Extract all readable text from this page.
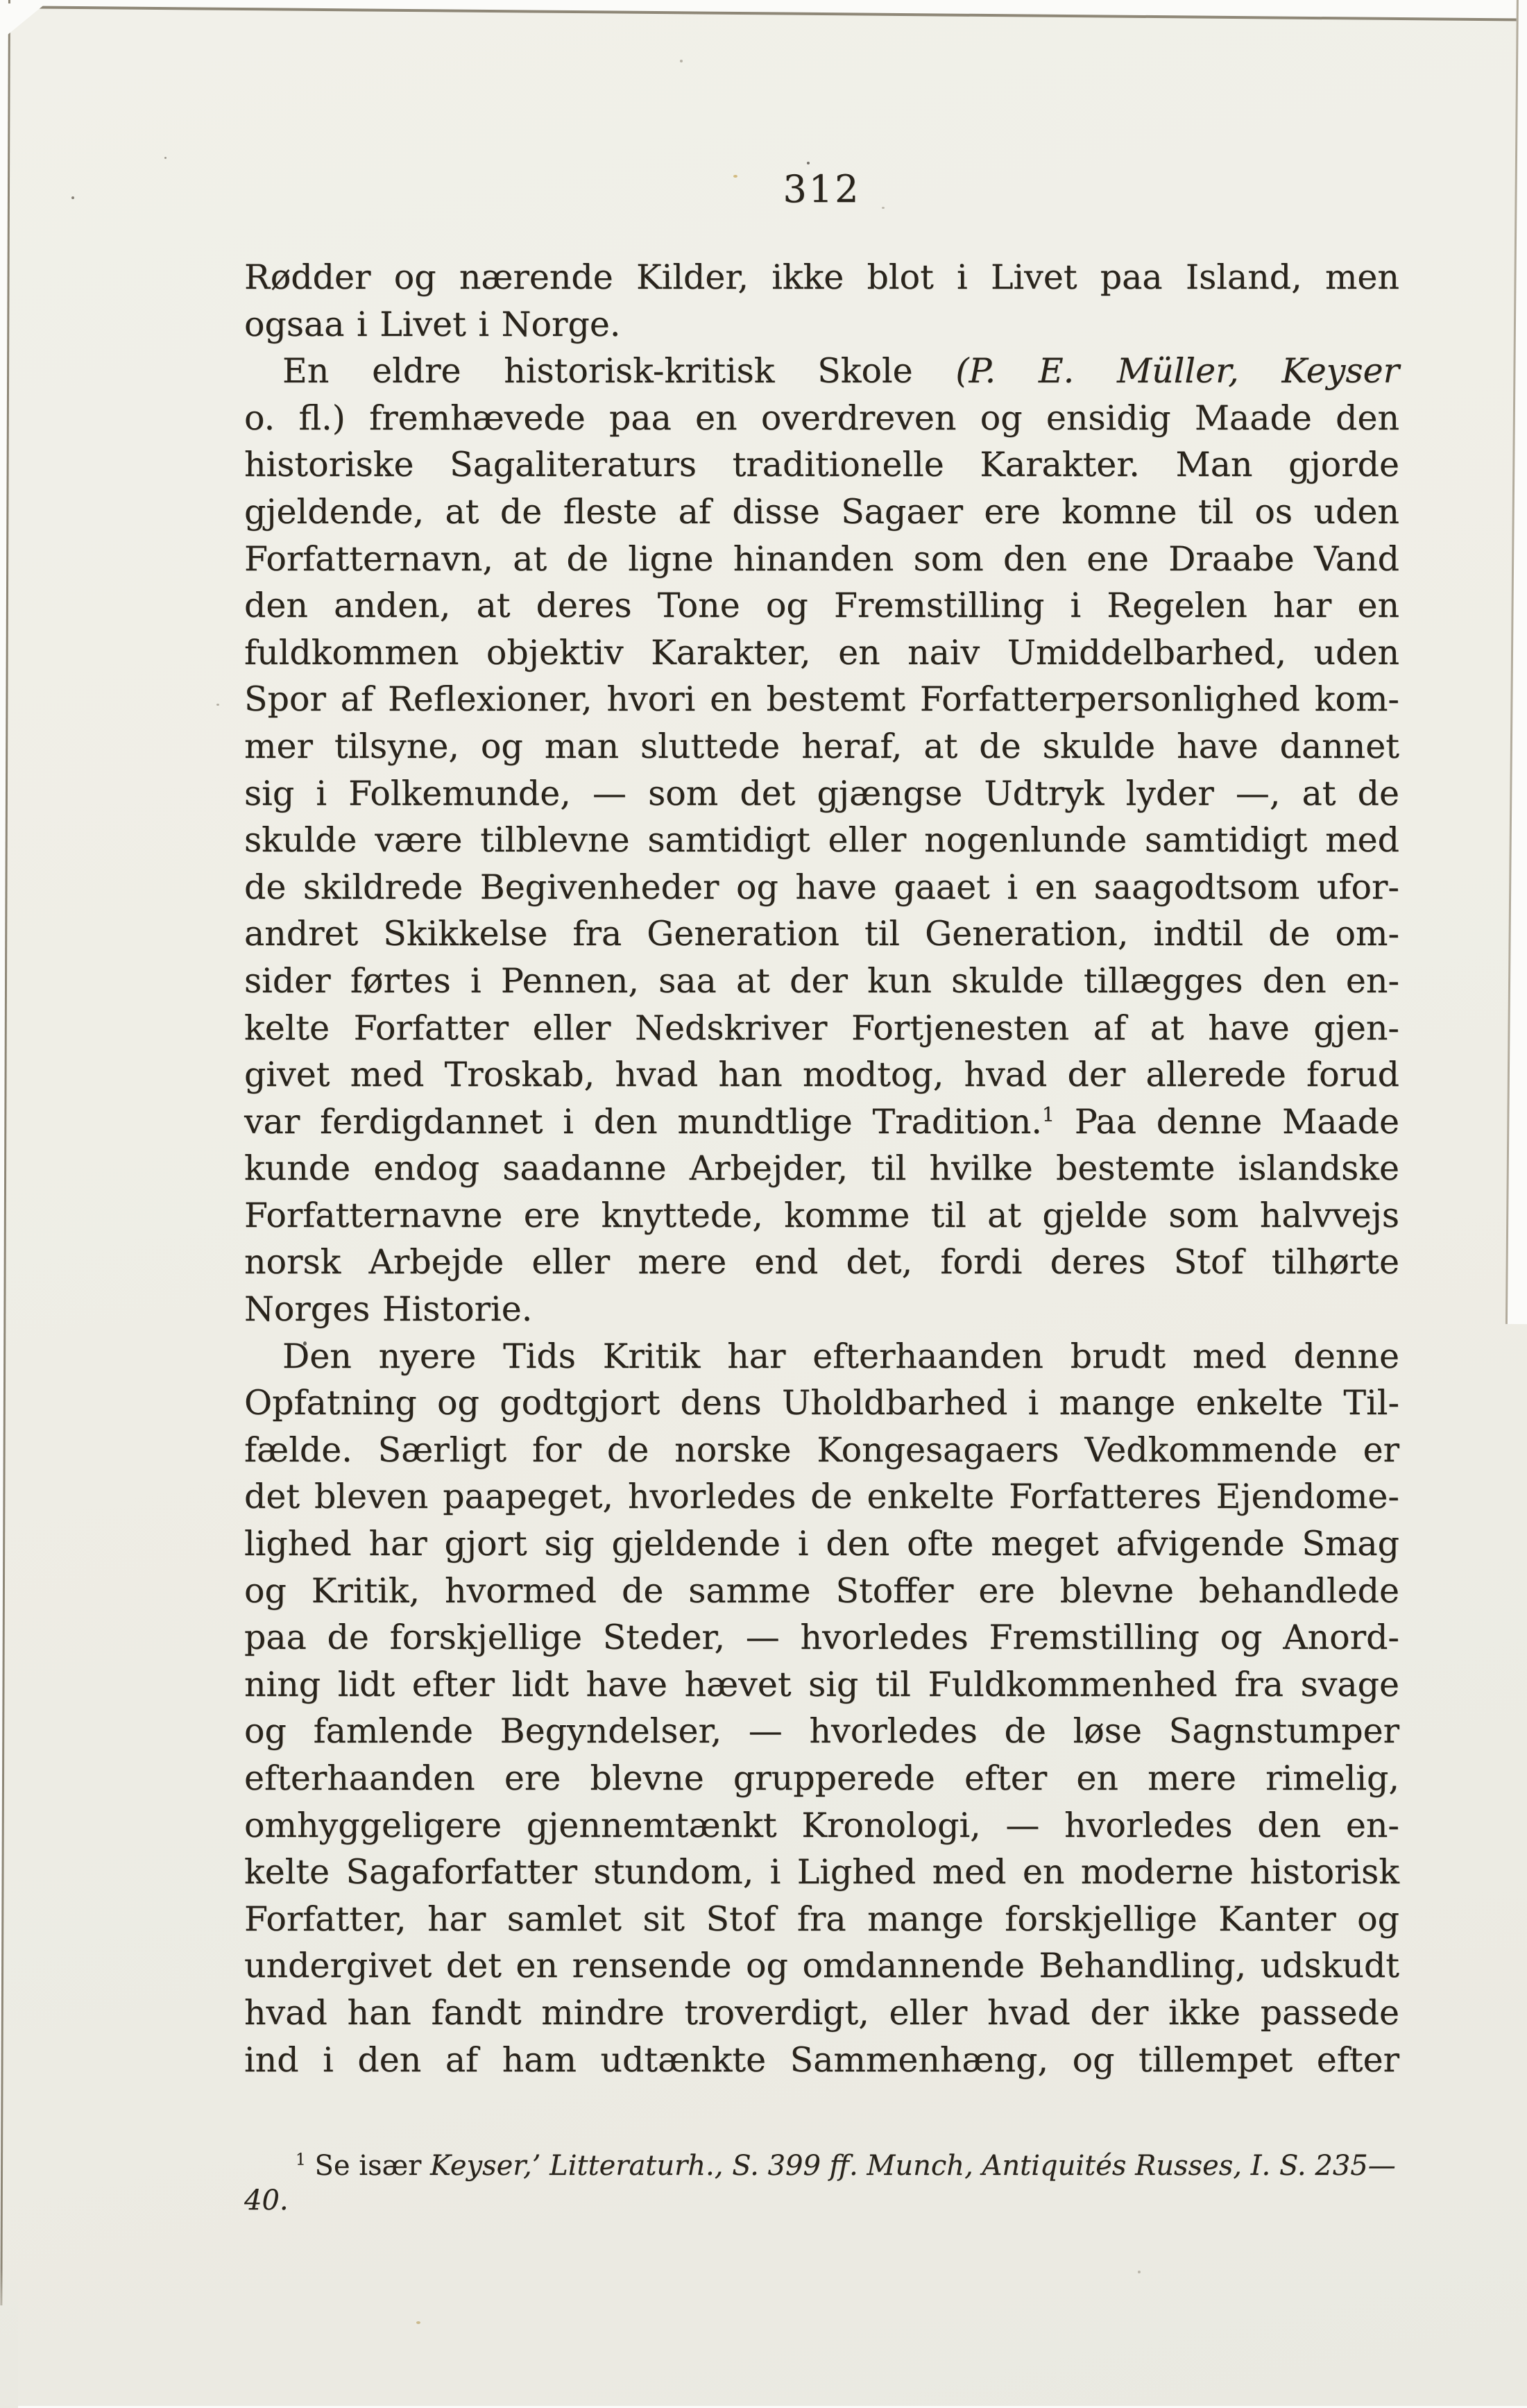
312
Rødder og nærende Kilder, ikke blot i Livet paa Island, men
ogsaa i Livet i Norge.
En eldre historisk-kritisk Skole (P. E. Müller, Keyser
o. fl.) fremhævede paa en overdreven og ensidig Maade den
historiske Sagaliteraturs traditionelle Karakter. Man gjorde
gjeldende, at de fleste af disse Sagaer ere komne til os uden
Forfatternavn, at de ligne hinanden som den ene Draabe Vand
den anden, at deres Tone og Fremstilling i Regelen har en
fuldkommen objektiv Karakter, en naiv Umiddelbarhed, uden
Spor af Reflexioner, hvori en bestemt Forfatterpersonlighed kom-
mer tilsyne, og man sluttede heraf, at de skulde have dannet
sig i Folkemunde, — som det gjængse Udtryk lyder —, at de
skulde være tilblevne samtidigt eller nogenlunde samtidigt med
de skildrede Begivenheder og have gaaet i en saagodtsom ufor-
andret Skikkelse fra Generation til Generation, indtil de om-
sider førtes i Pennen, saa at der kun skulde tillægges den en-
kelte Forfatter eller Nedskriver Fortjenesten af at have gjen-
givet med Troskab, hvad han modtog, hvad der allerede forud
var ferdigdannet i den mundtlige Tradition.$^1$ Paa denne Maade
kunde endog saadanne Arbejder, til hvilke bestemte islandske
Forfatternavne ere knyttede, komme til at gjelde som halvvejs
norsk Arbejde eller mere end det, fordi deres Stof tilhørte
Norges Historie.
Den nyere Tids Kritik har efterhaanden brudt med denne
Opfatning og godtgjort dens Uholdbarhed i mange enkelte Til-
fælde. Særligt for de norske Kongesagaers Vedkommende er
det bleven paapeget, hvorledes de enkelte Forfatteres Ejendome-
lighed har gjort sig gjeldende i den ofte meget afvigende Smag
og Kritik, hvormed de samme Stoffer ere blevne behandlede
paa de forskjellige Steder, — hvorledes Fremstilling og Anord-
ning lidt efter lidt have hævet sig til Fuldkommenhed fra svage
og famlende Begyndelser, — hvorledes de løse Sagnstumper
efterhaanden ere blevne grupperede efter en mere rimelig,
omhyggeligere gjennemtænkt Kronologi, — hvorledes den en-
kelte Sagaforfatter stundom, i Lighed med en moderne historisk
Forfatter, har samlet sit Stof fra mange forskjellige Kanter og
undergivet det en rensende og omdannende Behandling, udskudt
hvad han fandt mindre troverdigt, eller hvad der ikke passede
ind i den af ham udtænkte Sammenhæng, og tillempet efter
$^1$ Se især Keyser,’ Litteraturh., S. 399 ff. Munch, Antiquités Russes, I. S. 235—40.
